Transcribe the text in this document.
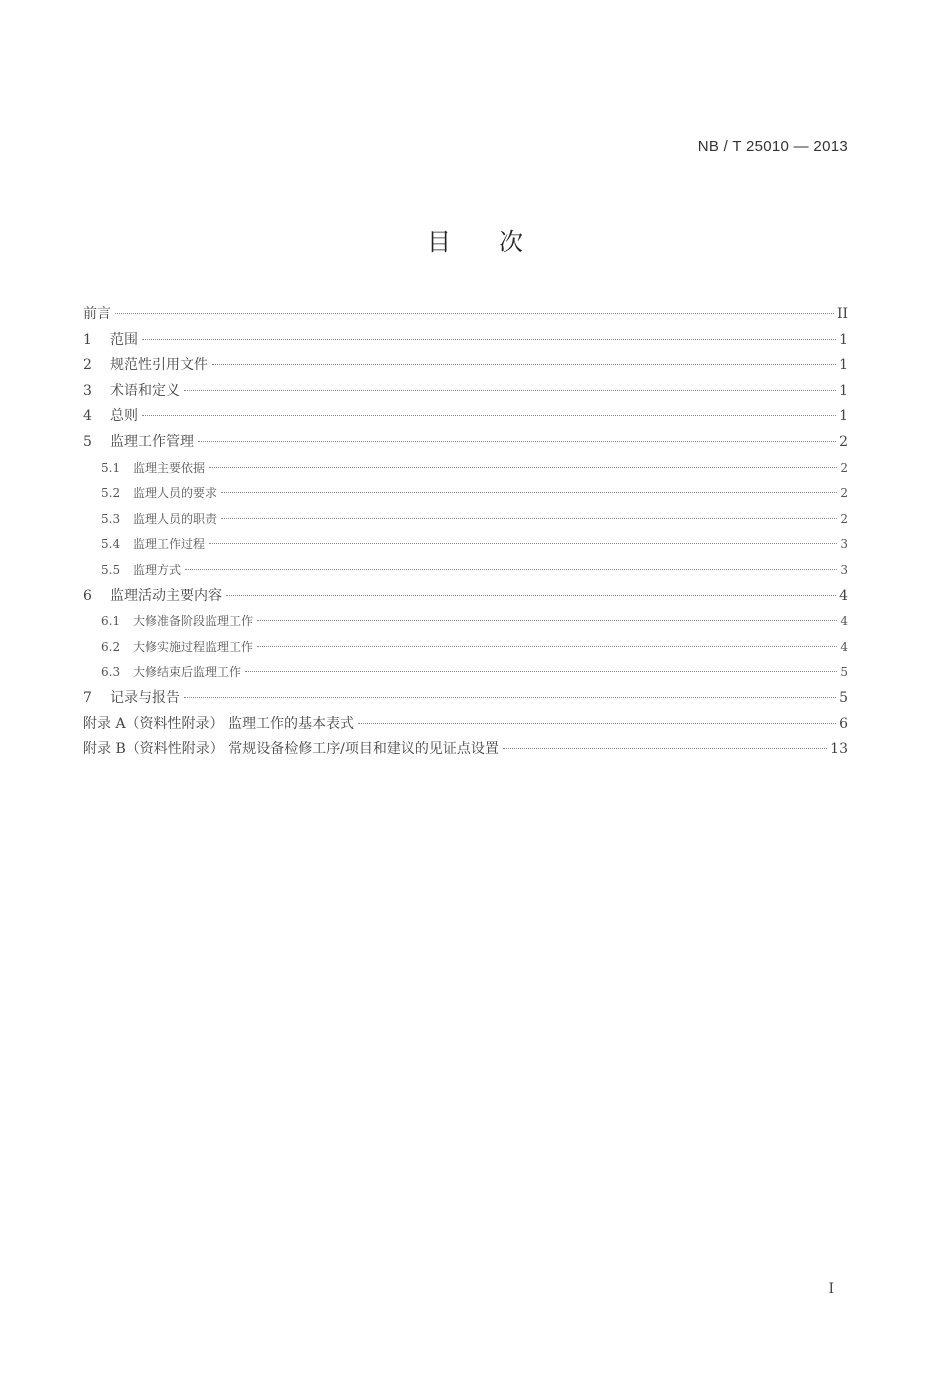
NB / T 25010 — 2013
目次
前言	II
1 范围	1
2 规范性引用文件	1
3 术语和定义	1
4 总则	1
5 监理工作管理	2
5.1 监理主要依据	2
5.2 监理人员的要求	2
5.3 监理人员的职责	2
5.4 监理工作过程	3
5.5 监理方式	3
6 监理活动主要内容	4
6.1 大修准备阶段监理工作	4
6.2 大修实施过程监理工作	4
6.3 大修结束后监理工作	5
7 记录与报告	5
附录 A（资料性附录） 监理工作的基本表式	6
附录 B（资料性附录） 常规设备检修工序/项目和建议的见证点设置	13
I
